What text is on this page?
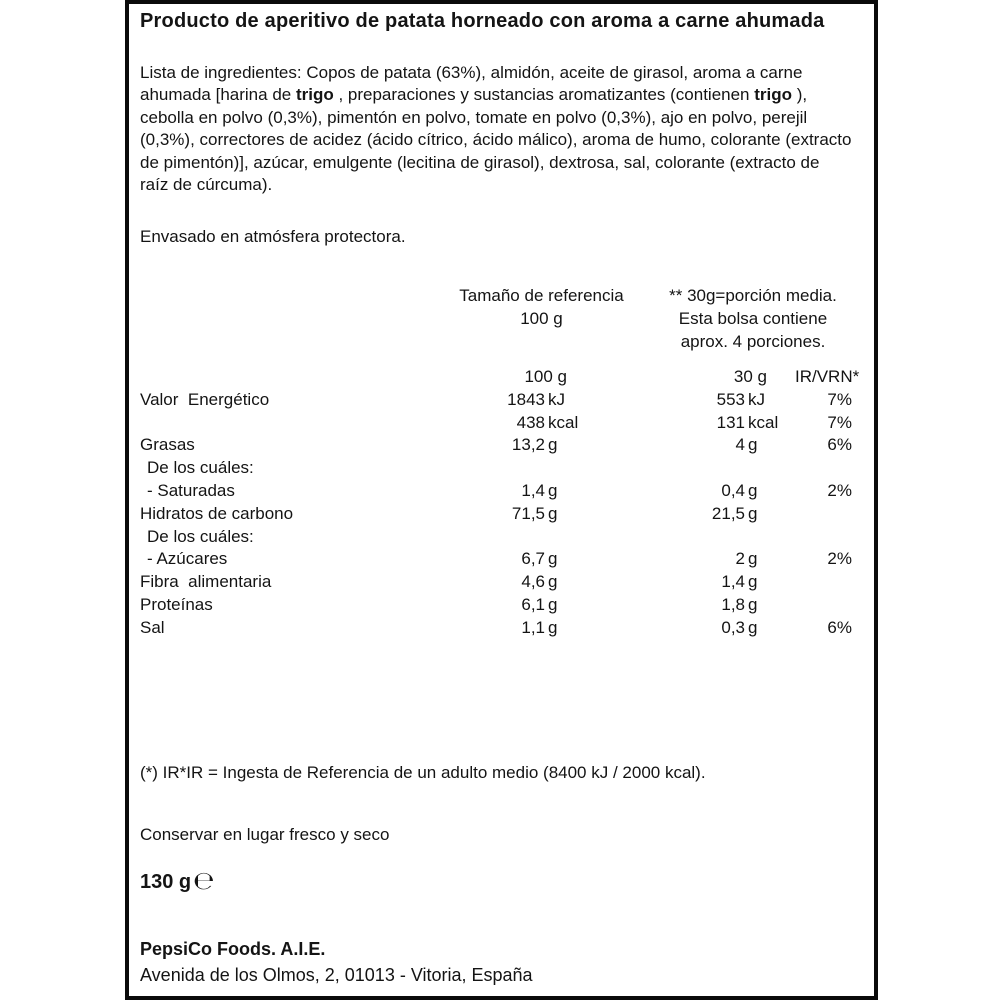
Producto de aperitivo de patata horneado con aroma a carne ahumada
Lista de ingredientes: Copos de patata (63%), almidón, aceite de girasol, aroma a carne ahumada [harina de trigo , preparaciones y sustancias aromatizantes (contienen trigo ), cebolla en polvo (0,3%), pimentón en polvo, tomate en polvo (0,3%), ajo en polvo, perejil (0,3%), correctores de acidez (ácido cítrico, ácido málico), aroma de humo, colorante (extracto de pimentón)], azúcar, emulgente (lecitina de girasol), dextrosa, sal, colorante (extracto de raíz de cúrcuma).
Envasado en atmósfera protectora.
Tamaño de referencia
100 g
** 30g=porción media.
Esta bolsa contiene
aprox. 4 porciones.
100 g	30 g	IR/VRN*
Valor  Energético	1843 kJ	553 kJ	7%
438 kcal	131 kcal	7%
Grasas	13,2 g	4 g	6%
De los cuáles:
- Saturadas	1,4 g	0,4 g	2%
Hidratos de carbono	71,5 g	21,5 g
De los cuáles:
- Azúcares	6,7 g	2 g	2%
Fibra  alimentaria	4,6 g	1,4 g
Proteínas	6,1 g	1,8 g
Sal	1,1 g	0,3 g	6%
(*) IR*IR = Ingesta de Referencia de un adulto medio (8400 kJ / 2000 kcal).
Conservar en lugar fresco y seco
130 g℮
PepsiCo Foods. A.I.E.
Avenida de los Olmos, 2, 01013 - Vitoria, España
